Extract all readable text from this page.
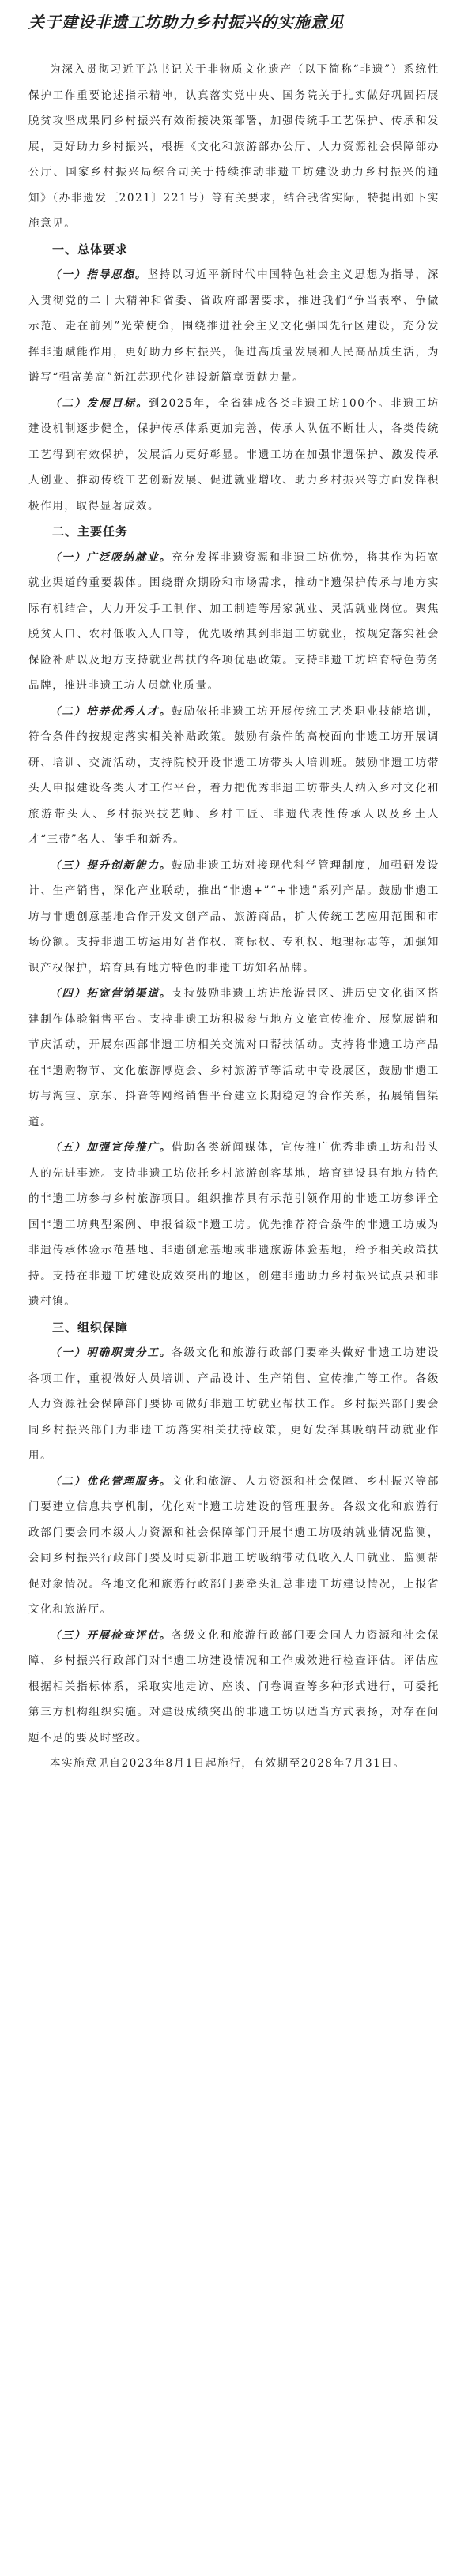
关于建设非遗工坊助力乡村振兴的实施意见

为深入贯彻习近平总书记关于非物质文化遗产（以下简称“非遗”）系统性保护工作重要论述指示精神，认真落实党中央、国务院关于扎实做好巩固拓展脱贫攻坚成果同乡村振兴有效衔接决策部署，加强传统手工艺保护、传承和发展，更好助力乡村振兴，根据《文化和旅游部办公厅、人力资源社会保障部办公厅、国家乡村振兴局综合司关于持续推动非遗工坊建设助力乡村振兴的通知》（办非遗发〔2021〕221号）等有关要求，结合我省实际，特提出如下实施意见。

一、总体要求

（一）指导思想。坚持以习近平新时代中国特色社会主义思想为指导，深入贯彻党的二十大精神和省委、省政府部署要求，推进我们“争当表率、争做示范、走在前列”光荣使命，围绕推进社会主义文化强国先行区建设，充分发挥非遗赋能作用，更好助力乡村振兴，促进高质量发展和人民高品质生活，为谱写“强富美高”新江苏现代化建设新篇章贡献力量。

（二）发展目标。到2025年，全省建成各类非遗工坊100个。非遗工坊建设机制逐步健全，保护传承体系更加完善，传承人队伍不断壮大，各类传统工艺得到有效保护，发展活力更好彰显。非遗工坊在加强非遗保护、激发传承人创业、推动传统工艺创新发展、促进就业增收、助力乡村振兴等方面发挥积极作用，取得显著成效。

二、主要任务

（一）广泛吸纳就业。充分发挥非遗资源和非遗工坊优势，将其作为拓宽就业渠道的重要载体。围绕群众期盼和市场需求，推动非遗保护传承与地方实际有机结合，大力开发手工制作、加工制造等居家就业、灵活就业岗位。聚焦脱贫人口、农村低收入人口等，优先吸纳其到非遗工坊就业，按规定落实社会保险补贴以及地方支持就业帮扶的各项优惠政策。支持非遗工坊培育特色劳务品牌，推进非遗工坊人员就业质量。

（二）培养优秀人才。鼓励依托非遗工坊开展传统工艺类职业技能培训，符合条件的按规定落实相关补贴政策。鼓励有条件的高校面向非遗工坊开展调研、培训、交流活动，支持院校开设非遗工坊带头人培训班。鼓励非遗工坊带头人申报建设各类人才工作平台，着力把优秀非遗工坊带头人纳入乡村文化和旅游带头人、乡村振兴技艺师、乡村工匠、非遗代表性传承人以及乡土人才“三带”名人、能手和新秀。

（三）提升创新能力。鼓励非遗工坊对接现代科学管理制度，加强研发设计、生产销售，深化产业联动，推出“非遗+”“+非遗”系列产品。鼓励非遗工坊与非遗创意基地合作开发文创产品、旅游商品，扩大传统工艺应用范围和市场份额。支持非遗工坊运用好著作权、商标权、专利权、地理标志等，加强知识产权保护，培育具有地方特色的非遗工坊知名品牌。

（四）拓宽营销渠道。支持鼓励非遗工坊进旅游景区、进历史文化街区搭建制作体验销售平台。支持非遗工坊积极参与地方文旅宣传推介、展览展销和节庆活动，开展东西部非遗工坊相关交流对口帮扶活动。支持将非遗工坊产品在非遗购物节、文化旅游博览会、乡村旅游节等活动中专设展区，鼓励非遗工坊与淘宝、京东、抖音等网络销售平台建立长期稳定的合作关系，拓展销售渠道。

（五）加强宣传推广。借助各类新闻媒体，宣传推广优秀非遗工坊和带头人的先进事迹。支持非遗工坊依托乡村旅游创客基地，培育建设具有地方特色的非遗工坊参与乡村旅游项目。组织推荐具有示范引领作用的非遗工坊参评全国非遗工坊典型案例、申报省级非遗工坊。优先推荐符合条件的非遗工坊成为非遗传承体验示范基地、非遗创意基地或非遗旅游体验基地，给予相关政策扶持。支持在非遗工坊建设成效突出的地区，创建非遗助力乡村振兴试点县和非遗村镇。

三、组织保障

（一）明确职责分工。各级文化和旅游行政部门要牵头做好非遗工坊建设各项工作，重视做好人员培训、产品设计、生产销售、宣传推广等工作。各级人力资源社会保障部门要协同做好非遗工坊就业帮扶工作。乡村振兴部门要会同乡村振兴部门为非遗工坊落实相关扶持政策，更好发挥其吸纳带动就业作用。

（二）优化管理服务。文化和旅游、人力资源和社会保障、乡村振兴等部门要建立信息共享机制，优化对非遗工坊建设的管理服务。各级文化和旅游行政部门要会同本级人力资源和社会保障部门开展非遗工坊吸纳就业情况监测，会同乡村振兴行政部门要及时更新非遗工坊吸纳带动低收入人口就业、监测帮促对象情况。各地文化和旅游行政部门要牵头汇总非遗工坊建设情况，上报省文化和旅游厅。

（三）开展检查评估。各级文化和旅游行政部门要会同人力资源和社会保障、乡村振兴行政部门对非遗工坊建设情况和工作成效进行检查评估。评估应根据相关指标体系，采取实地走访、座谈、问卷调查等多种形式进行，可委托第三方机构组织实施。对建设成绩突出的非遗工坊以适当方式表扬，对存在问题不足的要及时整改。

本实施意见自2023年8月1日起施行，有效期至2028年7月31日。
